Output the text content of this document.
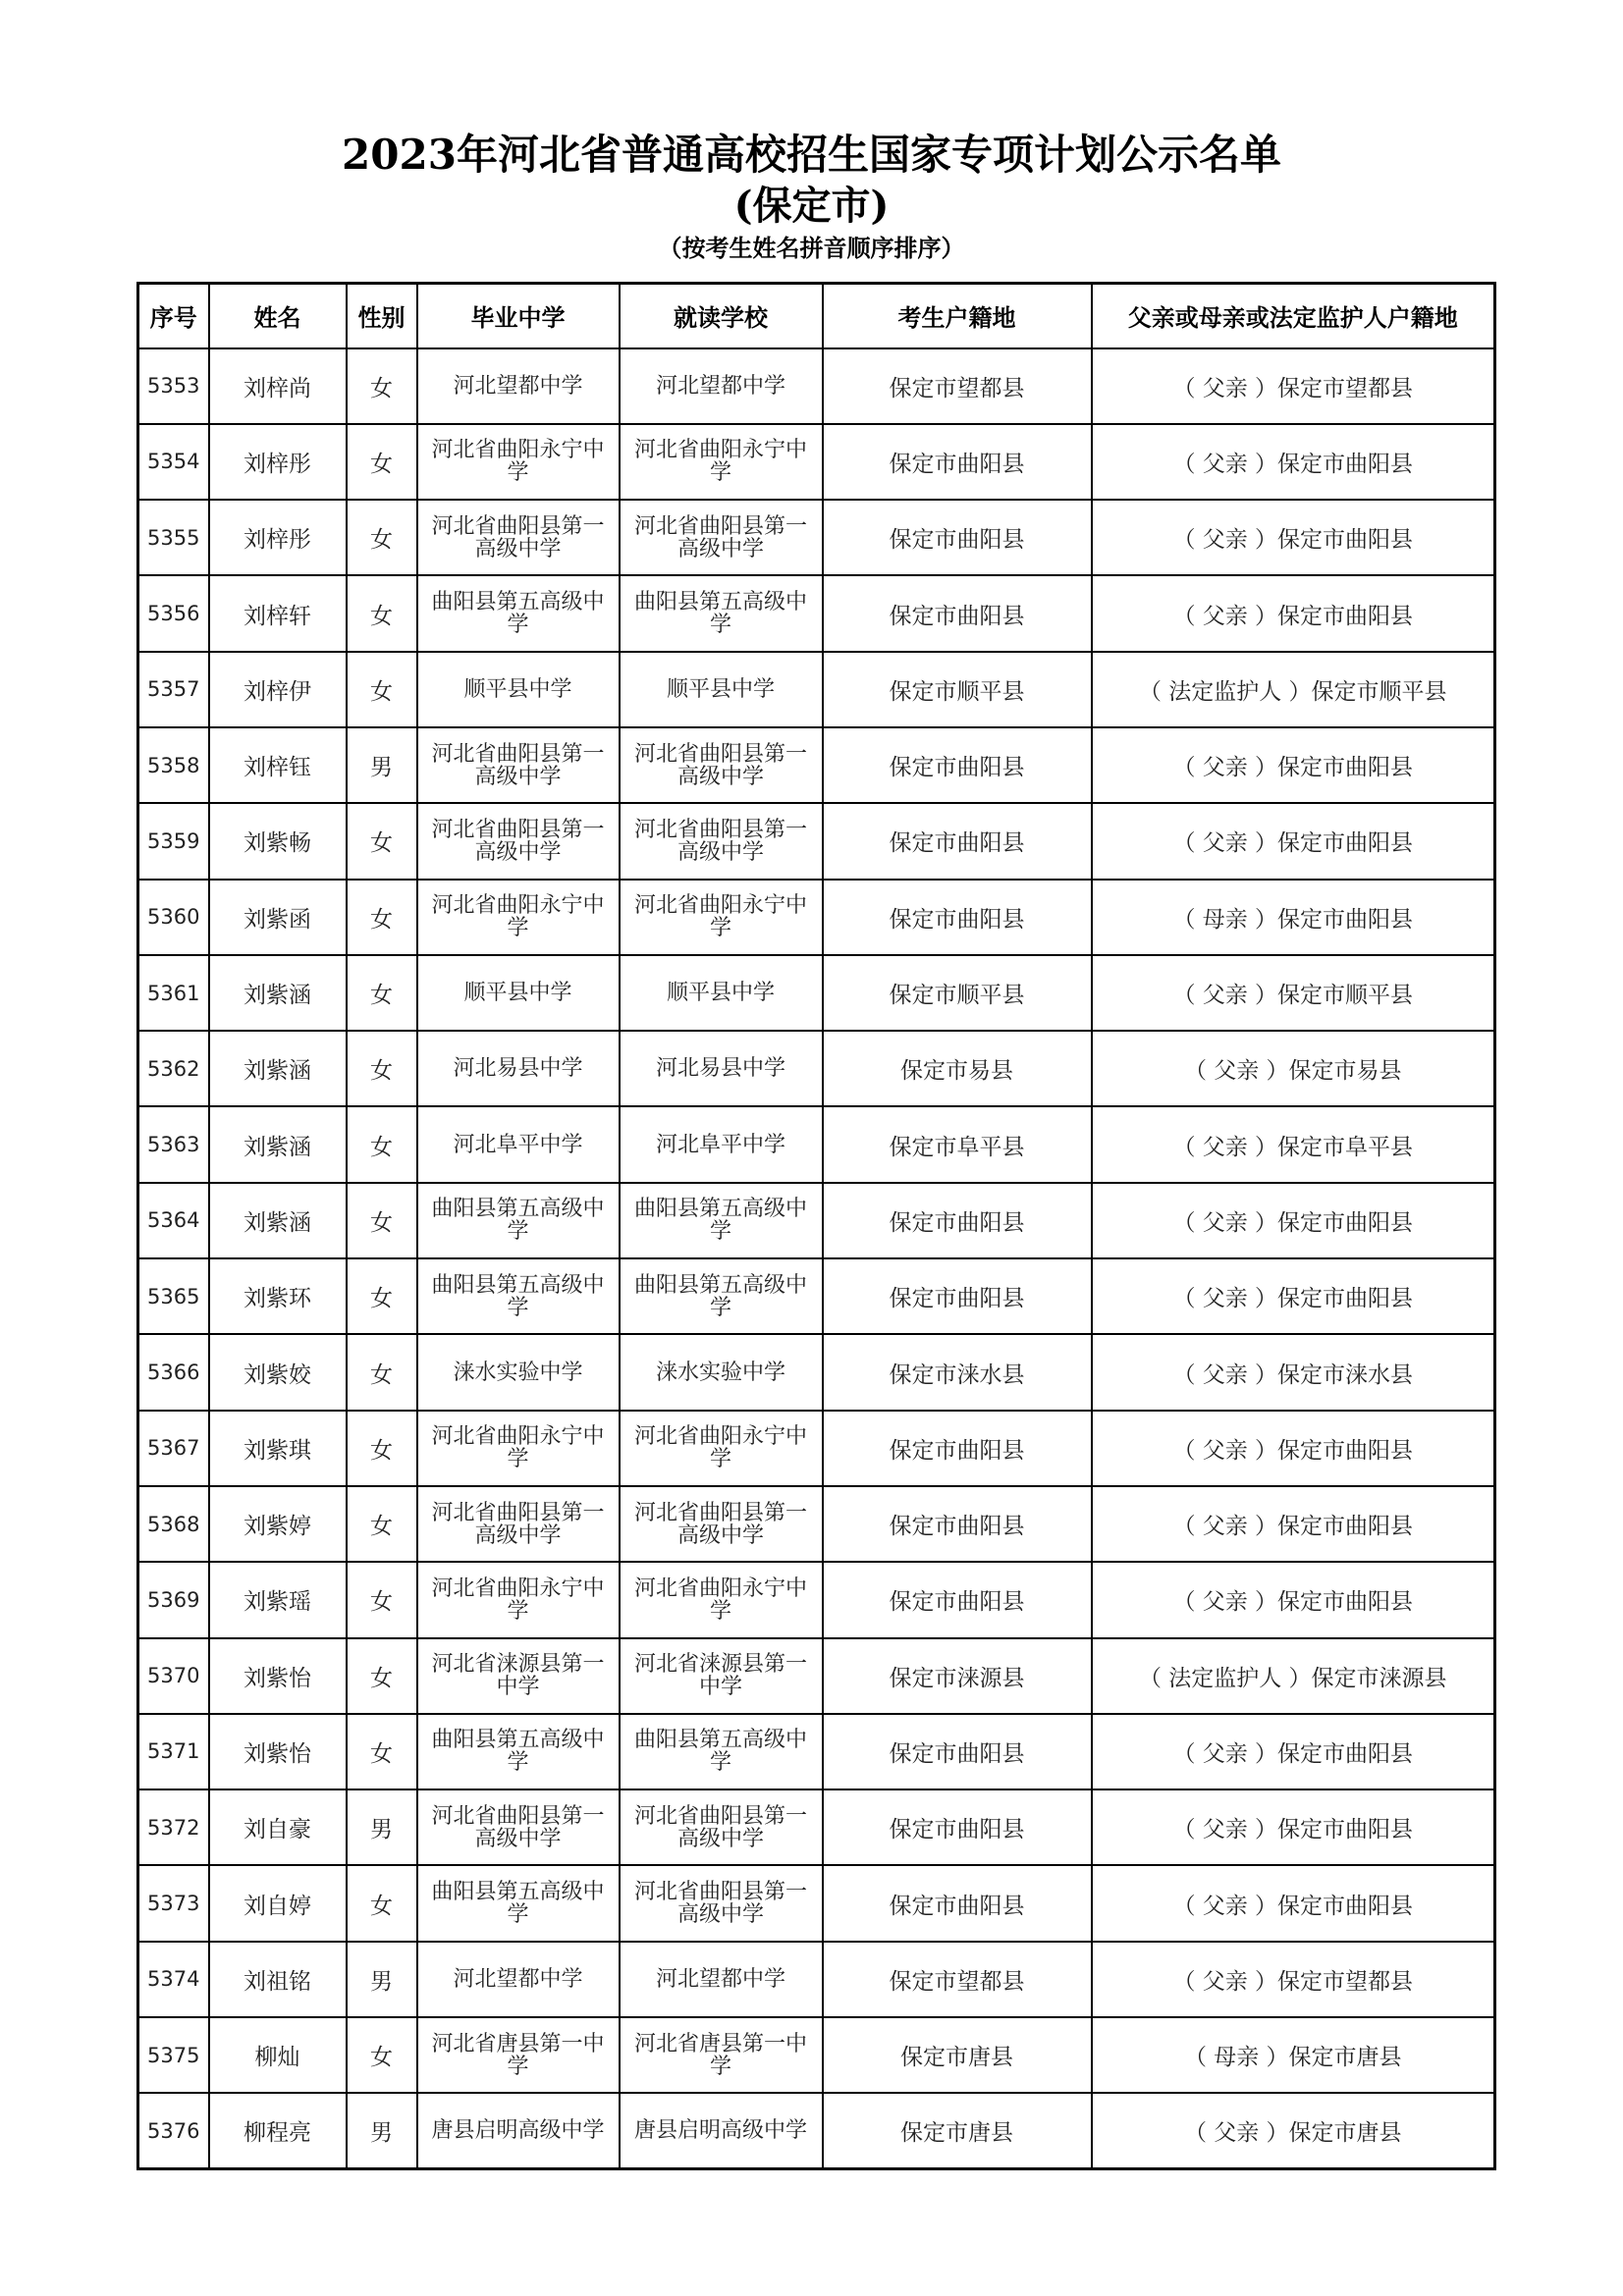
2023年河北省普通高校招生国家专项计划公示名单
(保定市)
（按考生姓名拼音顺序排序）
序号	姓名	性别	毕业中学	就读学校	考生户籍地	父亲或母亲或法定监护人户籍地
5353	刘梓尚	女	河北望都中学	河北望都中学	保定市望都县	（ 父亲 ）保定市望都县
5354	刘梓彤	女	河北省曲阳永宁中学	河北省曲阳永宁中学	保定市曲阳县	（ 父亲 ）保定市曲阳县
5355	刘梓彤	女	河北省曲阳县第一高级中学	河北省曲阳县第一高级中学	保定市曲阳县	（ 父亲 ）保定市曲阳县
5356	刘梓轩	女	曲阳县第五高级中学	曲阳县第五高级中学	保定市曲阳县	（ 父亲 ）保定市曲阳县
5357	刘梓伊	女	顺平县中学	顺平县中学	保定市顺平县	（ 法定监护人 ）保定市顺平县
5358	刘梓钰	男	河北省曲阳县第一高级中学	河北省曲阳县第一高级中学	保定市曲阳县	（ 父亲 ）保定市曲阳县
5359	刘紫畅	女	河北省曲阳县第一高级中学	河北省曲阳县第一高级中学	保定市曲阳县	（ 父亲 ）保定市曲阳县
5360	刘紫函	女	河北省曲阳永宁中学	河北省曲阳永宁中学	保定市曲阳县	（ 母亲 ）保定市曲阳县
5361	刘紫涵	女	顺平县中学	顺平县中学	保定市顺平县	（ 父亲 ）保定市顺平县
5362	刘紫涵	女	河北易县中学	河北易县中学	保定市易县	（ 父亲 ）保定市易县
5363	刘紫涵	女	河北阜平中学	河北阜平中学	保定市阜平县	（ 父亲 ）保定市阜平县
5364	刘紫涵	女	曲阳县第五高级中学	曲阳县第五高级中学	保定市曲阳县	（ 父亲 ）保定市曲阳县
5365	刘紫环	女	曲阳县第五高级中学	曲阳县第五高级中学	保定市曲阳县	（ 父亲 ）保定市曲阳县
5366	刘紫姣	女	涞水实验中学	涞水实验中学	保定市涞水县	（ 父亲 ）保定市涞水县
5367	刘紫琪	女	河北省曲阳永宁中学	河北省曲阳永宁中学	保定市曲阳县	（ 父亲 ）保定市曲阳县
5368	刘紫婷	女	河北省曲阳县第一高级中学	河北省曲阳县第一高级中学	保定市曲阳县	（ 父亲 ）保定市曲阳县
5369	刘紫瑶	女	河北省曲阳永宁中学	河北省曲阳永宁中学	保定市曲阳县	（ 父亲 ）保定市曲阳县
5370	刘紫怡	女	河北省涞源县第一中学	河北省涞源县第一中学	保定市涞源县	（ 法定监护人 ）保定市涞源县
5371	刘紫怡	女	曲阳县第五高级中学	曲阳县第五高级中学	保定市曲阳县	（ 父亲 ）保定市曲阳县
5372	刘自豪	男	河北省曲阳县第一高级中学	河北省曲阳县第一高级中学	保定市曲阳县	（ 父亲 ）保定市曲阳县
5373	刘自婷	女	曲阳县第五高级中学	河北省曲阳县第一高级中学	保定市曲阳县	（ 父亲 ）保定市曲阳县
5374	刘祖铭	男	河北望都中学	河北望都中学	保定市望都县	（ 父亲 ）保定市望都县
5375	柳灿	女	河北省唐县第一中学	河北省唐县第一中学	保定市唐县	（ 母亲 ）保定市唐县
5376	柳程亮	男	唐县启明高级中学	唐县启明高级中学	保定市唐县	（ 父亲 ）保定市唐县
